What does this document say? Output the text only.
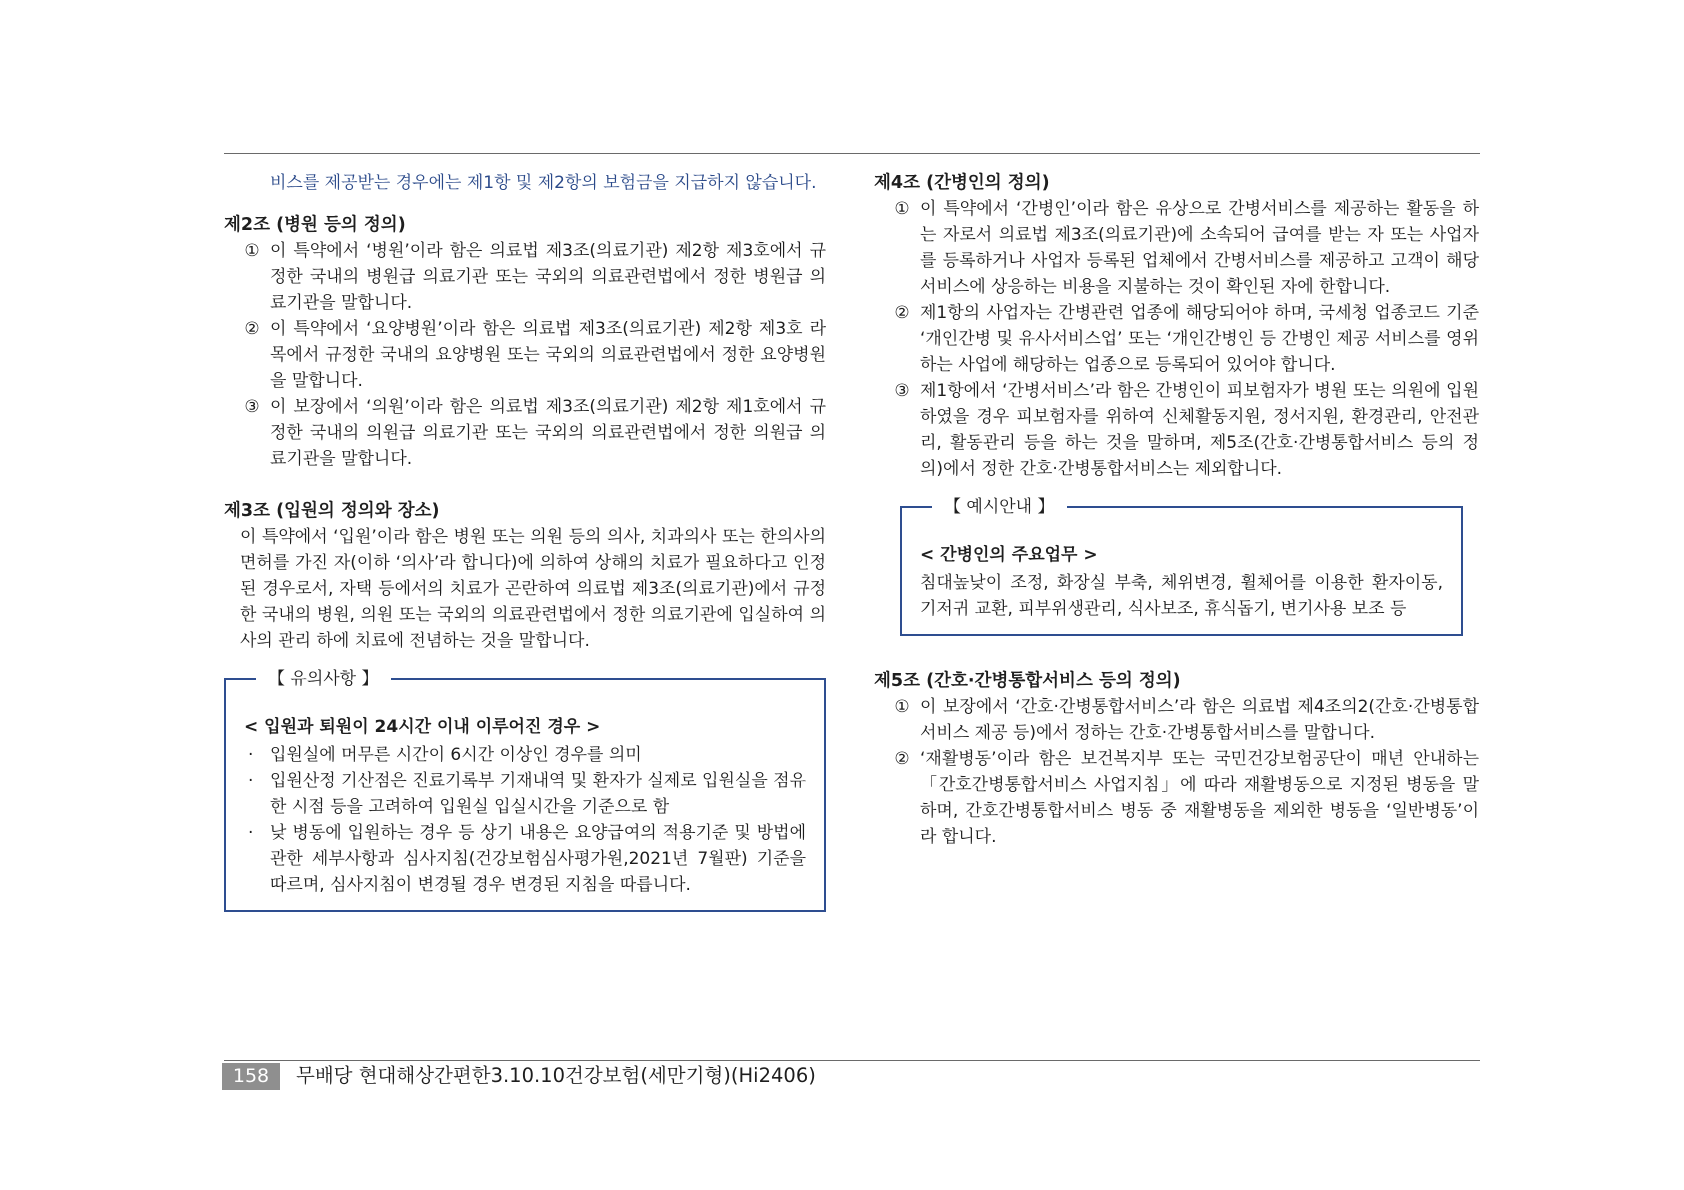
비스를 제공받는 경우에는 제1항 및 제2항의 보험금을 지급하지 않습니다.

제2조 (병원 등의 정의)

① 이 특약에서 ‘병원’이라 함은 의료법 제3조(의료기관) 제2항 제3호에서 규정한 국내의 병원급 의료기관 또는 국외의 의료관련법에서 정한 병원급 의료기관을 말합니다.
② 이 특약에서 ‘요양병원’이라 함은 의료법 제3조(의료기관) 제2항 제3호 라목에서 규정한 국내의 요양병원 또는 국외의 의료관련법에서 정한 요양병원을 말합니다.
③ 이 보장에서 ‘의원’이라 함은 의료법 제3조(의료기관) 제2항 제1호에서 규정한 국내의 의원급 의료기관 또는 국외의 의료관련법에서 정한 의원급 의료기관을 말합니다.

제3조 (입원의 정의와 장소)

이 특약에서 ‘입원’이라 함은 병원 또는 의원 등의 의사, 치과의사 또는 한의사의 면허를 가진 자(이하 ‘의사’라 합니다)에 의하여 상해의 치료가 필요하다고 인정된 경우로서, 자택 등에서의 치료가 곤란하여 의료법 제3조(의료기관)에서 규정한 국내의 병원, 의원 또는 국외의 의료관련법에서 정한 의료기관에 입실하여 의사의 관리 하에 치료에 전념하는 것을 말합니다.

【 유의사항 】

< 입원과 퇴원이 24시간 이내 이루어진 경우 >

· 입원실에 머무른 시간이 6시간 이상인 경우를 의미
· 입원산정 기산점은 진료기록부 기재내역 및 환자가 실제로 입원실을 점유한 시점 등을 고려하여 입원실 입실시간을 기준으로 함
· 낮 병동에 입원하는 경우 등 상기 내용은 요양급여의 적용기준 및 방법에 관한 세부사항과 심사지침(건강보험심사평가원,2021년 7월판) 기준을 따르며, 심사지침이 변경될 경우 변경된 지침을 따릅니다.

제4조 (간병인의 정의)

① 이 특약에서 ‘간병인’이라 함은 유상으로 간병서비스를 제공하는 활동을 하는 자로서 의료법 제3조(의료기관)에 소속되어 급여를 받는 자 또는 사업자를 등록하거나 사업자 등록된 업체에서 간병서비스를 제공하고 고객이 해당 서비스에 상응하는 비용을 지불하는 것이 확인된 자에 한합니다.
② 제1항의 사업자는 간병관련 업종에 해당되어야 하며, 국세청 업종코드 기준 ‘개인간병 및 유사서비스업’ 또는 ‘개인간병인 등 간병인 제공 서비스를 영위하는 사업에 해당하는 업종으로 등록되어 있어야 합니다.
③ 제1항에서 ‘간병서비스’라 함은 간병인이 피보험자가 병원 또는 의원에 입원하였을 경우 피보험자를 위하여 신체활동지원, 정서지원, 환경관리, 안전관리, 활동관리 등을 하는 것을 말하며, 제5조(간호·간병통합서비스 등의 정의)에서 정한 간호·간병통합서비스는 제외합니다.
【 예시안내 】

< 간병인의 주요업무 >

침대높낮이 조정, 화장실 부축, 체위변경, 휠체어를 이용한 환자이동, 기저귀 교환, 피부위생관리, 식사보조, 휴식돕기, 변기사용 보조 등

제5조 (간호·간병통합서비스 등의 정의)

① 이 보장에서 ‘간호·간병통합서비스’라 함은 의료법 제4조의2(간호·간병통합서비스 제공 등)에서 정하는 간호·간병통합서비스를 말합니다.
② ‘재활병동’이라 함은 보건복지부 또는 국민건강보험공단이 매년 안내하는 「간호간병통합서비스 사업지침」에 따라 재활병동으로 지정된 병동을 말하며, 간호간병통합서비스 병동 중 재활병동을 제외한 병동을 ‘일반병동’이라 합니다.
158	무배당 현대해상간편한3.10.10건강보험(세만기형)(Hi2406)
